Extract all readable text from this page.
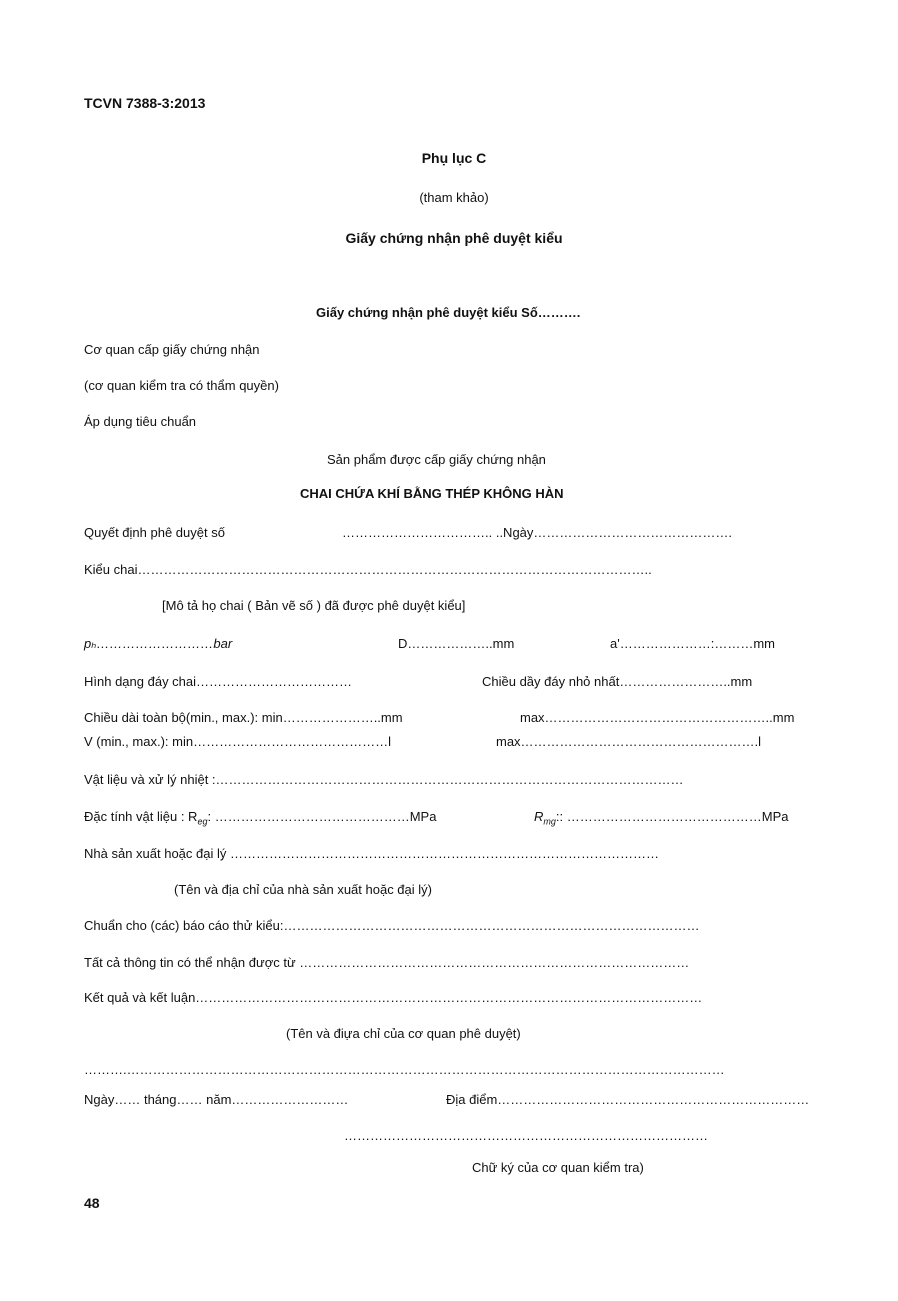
TCVN 7388-3:2013
Phụ lục C
(tham khảo)
Giấy chứng nhận phê duyệt kiểu
Giấy chứng nhận phê duyệt kiểu Số……….
Cơ quan cấp giấy chứng nhận
(cơ quan kiểm tra có thẩm quyền)
Áp dụng tiêu chuẩn
Sản phẩm được cấp giấy chứng nhận
CHAI CHỨA KHÍ BẰNG THÉP KHÔNG HÀN
Quyết định phê duyệt số	…………………………….. ..Ngày……………………………………….
Kiểu chai………………………………………………………………………………………………………..
[Mô tả họ chai ( Bản vẽ số ) đã được phê duyệt kiểu]
pₕ………………………bar	D………………..mm	a'…………………:………mm
Hình dạng đáy chai………………………………	Chiều dầy đáy nhỏ nhất……………………..mm
Chiều dài toàn bộ(min., max.): min…………………..mm	max……………………………………………..mm
V (min., max.): min………………………………………l	max……………………………………………….l
Vật liệu và xử lý nhiệt :………………………………………………………………………………………………
Đặc tính vật liệu : $R_{eg}$: ………………………………………MPa	$R_{mg}$:: ………………………………………MPa
Nhà sản xuất hoặc đại lý ………………………………………………………………………………………
(Tên và địa chỉ của nhà sản xuất hoặc đại lý)
Chuẩn cho (các) báo cáo thử kiểu:……………………………………………………………………………………
Tất cả thông tin có thể nhận được từ ………………………………………………………………………………
Kết quả và kết luận………………………………………………………………………………………………………
(Tên và điựa chỉ của cơ quan phê duyệt)
……….…………………………………………………………………………………………………………………………
Ngày…… tháng…… năm………………………	Địa điểm………………………………………………………………
…………………………………………………………………………
Chữ ký của cơ quan kiểm tra)
48
